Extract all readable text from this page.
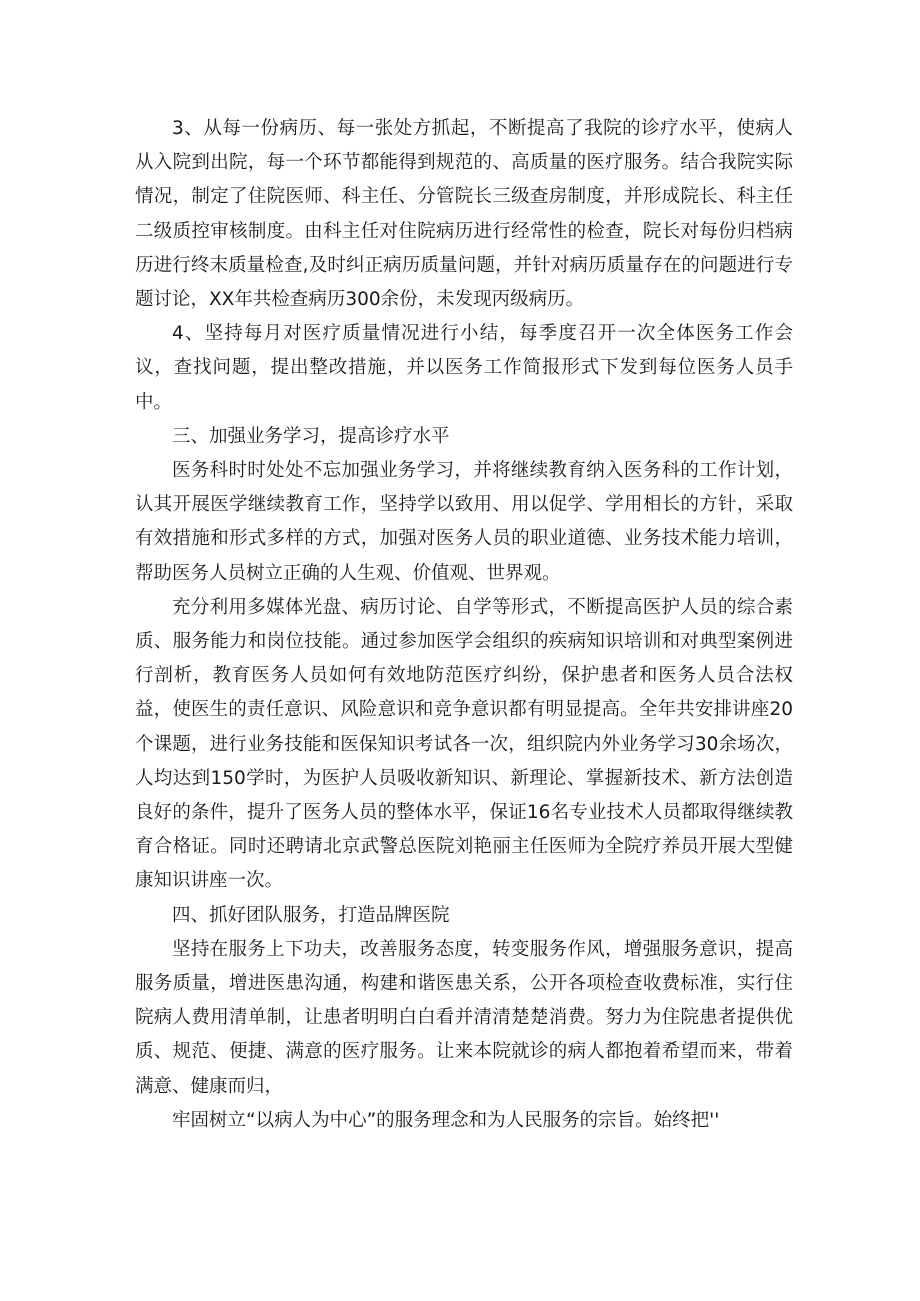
3、从每一份病历、每一张处方抓起，不断提高了我院的诊疗水平，使病人从入院到出院，每一个环节都能得到规范的、高质量的医疗服务。结合我院实际情况，制定了住院医师、科主任、分管院长三级查房制度，并形成院长、科主任二级质控审核制度。由科主任对住院病历进行经常性的检查，院长对每份归档病历进行终末质量检查,及时纠正病历质量问题，并针对病历质量存在的问题进行专题讨论，XX年共检查病历300余份，未发现丙级病历。

4、坚持每月对医疗质量情况进行小结，每季度召开一次全体医务工作会议，查找问题，提出整改措施，并以医务工作简报形式下发到每位医务人员手中。

三、加强业务学习，提高诊疗水平

医务科时时处处不忘加强业务学习，并将继续教育纳入医务科的工作计划，认其开展医学继续教育工作，坚持学以致用、用以促学、学用相长的方针，采取有效措施和形式多样的方式，加强对医务人员的职业道德、业务技术能力培训，帮助医务人员树立正确的人生观、价值观、世界观。

充分利用多媒体光盘、病历讨论、自学等形式，不断提高医护人员的综合素质、服务能力和岗位技能。通过参加医学会组织的疾病知识培训和对典型案例进行剖析，教育医务人员如何有效地防范医疗纠纷，保护患者和医务人员合法权益，使医生的责任意识、风险意识和竞争意识都有明显提高。全年共安排讲座20个课题，进行业务技能和医保知识考试各一次，组织院内外业务学习30余场次，人均达到150学时，为医护人员吸收新知识、新理论、掌握新技术、新方法创造良好的条件，提升了医务人员的整体水平，保证16名专业技术人员都取得继续教育合格证。同时还聘请北京武警总医院刘艳丽主任医师为全院疗养员开展大型健康知识讲座一次。

四、抓好团队服务，打造品牌医院

坚持在服务上下功夫，改善服务态度，转变服务作风，增强服务意识，提高服务质量，增进医患沟通，构建和谐医患关系，公开各项检查收费标准，实行住院病人费用清单制，让患者明明白白看并清清楚楚消费。努力为住院患者提供优质、规范、便捷、满意的医疗服务。让来本院就诊的病人都抱着希望而来，带着满意、健康而归，

牢固树立“以病人为中心”的服务理念和为人民服务的宗旨。始终把''
